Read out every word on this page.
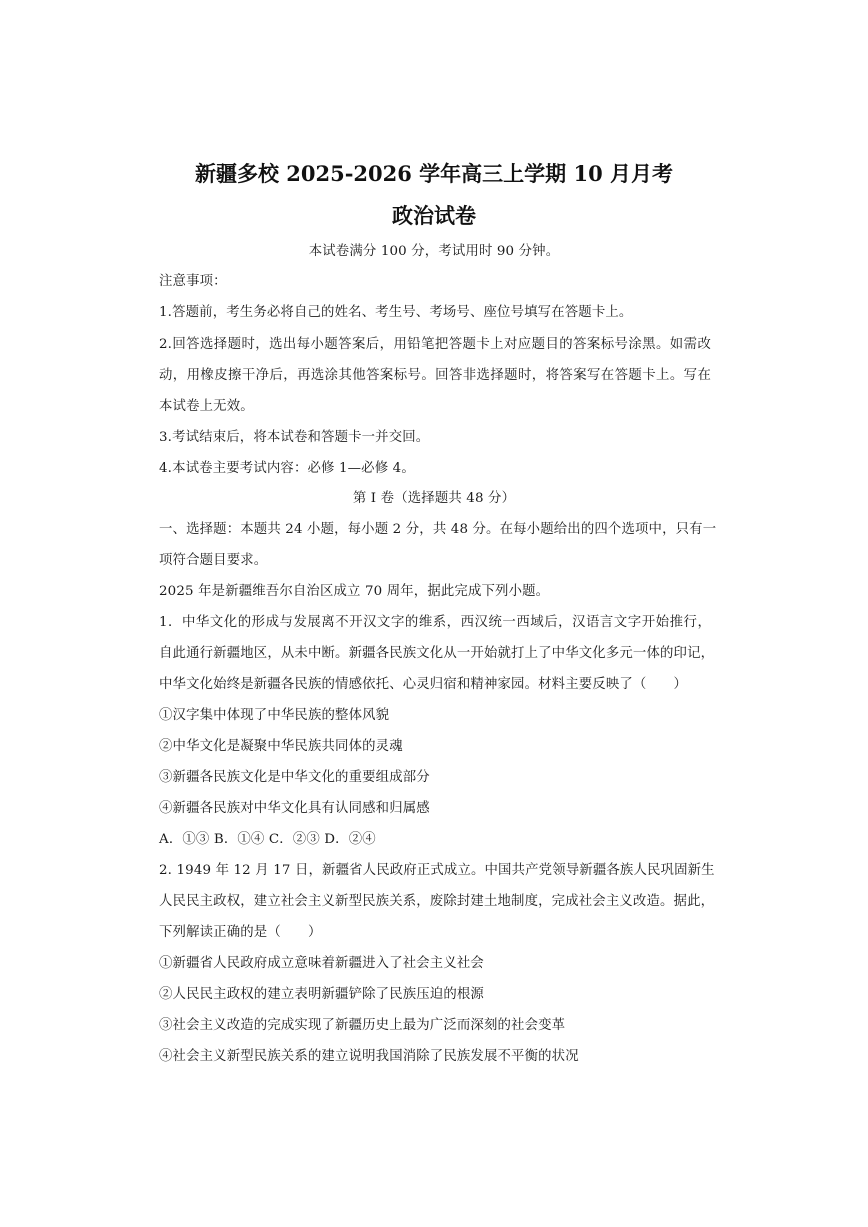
新疆多校 2025-2026 学年高三上学期 10 月月考
政治试卷
本试卷满分 100 分，考试用时 90 分钟。
注意事项：
1.答题前，考生务必将自己的姓名、考生号、考场号、座位号填写在答题卡上。
2.回答选择题时，选出每小题答案后，用铅笔把答题卡上对应题目的答案标号涂黑。如需改
动，用橡皮擦干净后，再选涂其他答案标号。回答非选择题时，将答案写在答题卡上。写在
本试卷上无效。
3.考试结束后，将本试卷和答题卡一并交回。
4.本试卷主要考试内容：必修 1—必修 4。
第 I 卷（选择题共 48 分）
一、选择题：本题共 24 小题，每小题 2 分，共 48 分。在每小题给出的四个选项中，只有一
项符合题目要求。
2025 年是新疆维吾尔自治区成立 70 周年，据此完成下列小题。
1．中华文化的形成与发展离不开汉文字的维系，西汉统一西域后，汉语言文字开始推行，
自此通行新疆地区，从未中断。新疆各民族文化从一开始就打上了中华文化多元一体的印记，
中华文化始终是新疆各民族的情感依托、心灵归宿和精神家园。材料主要反映了（　　）
①汉字集中体现了中华民族的整体风貌
②中华文化是凝聚中华民族共同体的灵魂
③新疆各民族文化是中华文化的重要组成部分
④新疆各民族对中华文化具有认同感和归属感
A．①③ B．①④ C．②③ D．②④
2. 1949 年 12 月 17 日，新疆省人民政府正式成立。中国共产党领导新疆各族人民巩固新生
人民民主政权，建立社会主义新型民族关系，废除封建土地制度，完成社会主义改造。据此，
下列解读正确的是（　　）
①新疆省人民政府成立意味着新疆进入了社会主义社会
②人民民主政权的建立表明新疆铲除了民族压迫的根源
③社会主义改造的完成实现了新疆历史上最为广泛而深刻的社会变革
④社会主义新型民族关系的建立说明我国消除了民族发展不平衡的状况
